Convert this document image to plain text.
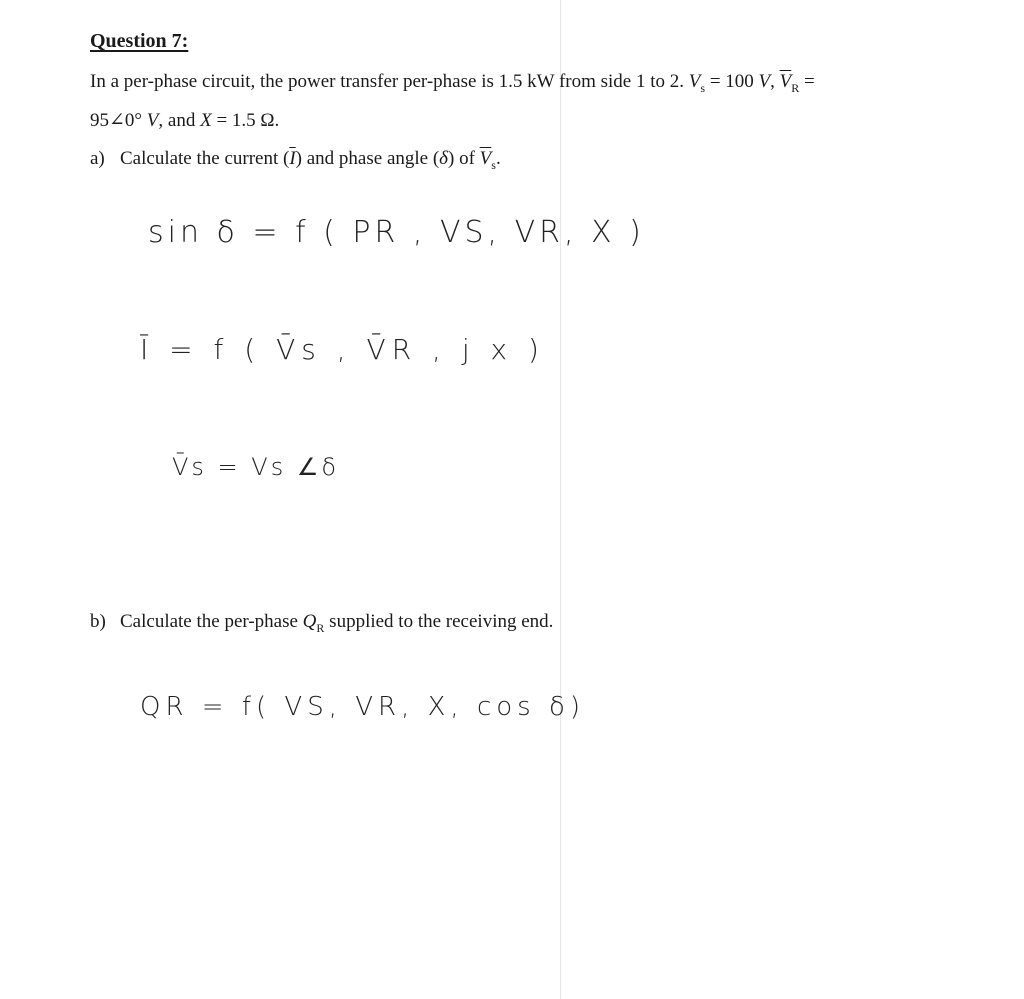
Question 7:

In a per-phase circuit, the power transfer per-phase is 1.5 kW from side 1 to 2. $V_s = 100$ V, $\overline{V}_R$ =

95∠0° V, and X = 1.5 Ω.

a) Calculate the current $(\overline{I})$ and phase angle (δ) of $\overline{V}_s$.
sin δ = f ( PR , VS, VR, X )
Ī = f ( V̄s , V̄R , j x )
V̄s = Vs ∠δ
b) Calculate the per-phase $Q_R$ supplied to the receiving end.
QR = f( VS, VR, X, cos δ)
